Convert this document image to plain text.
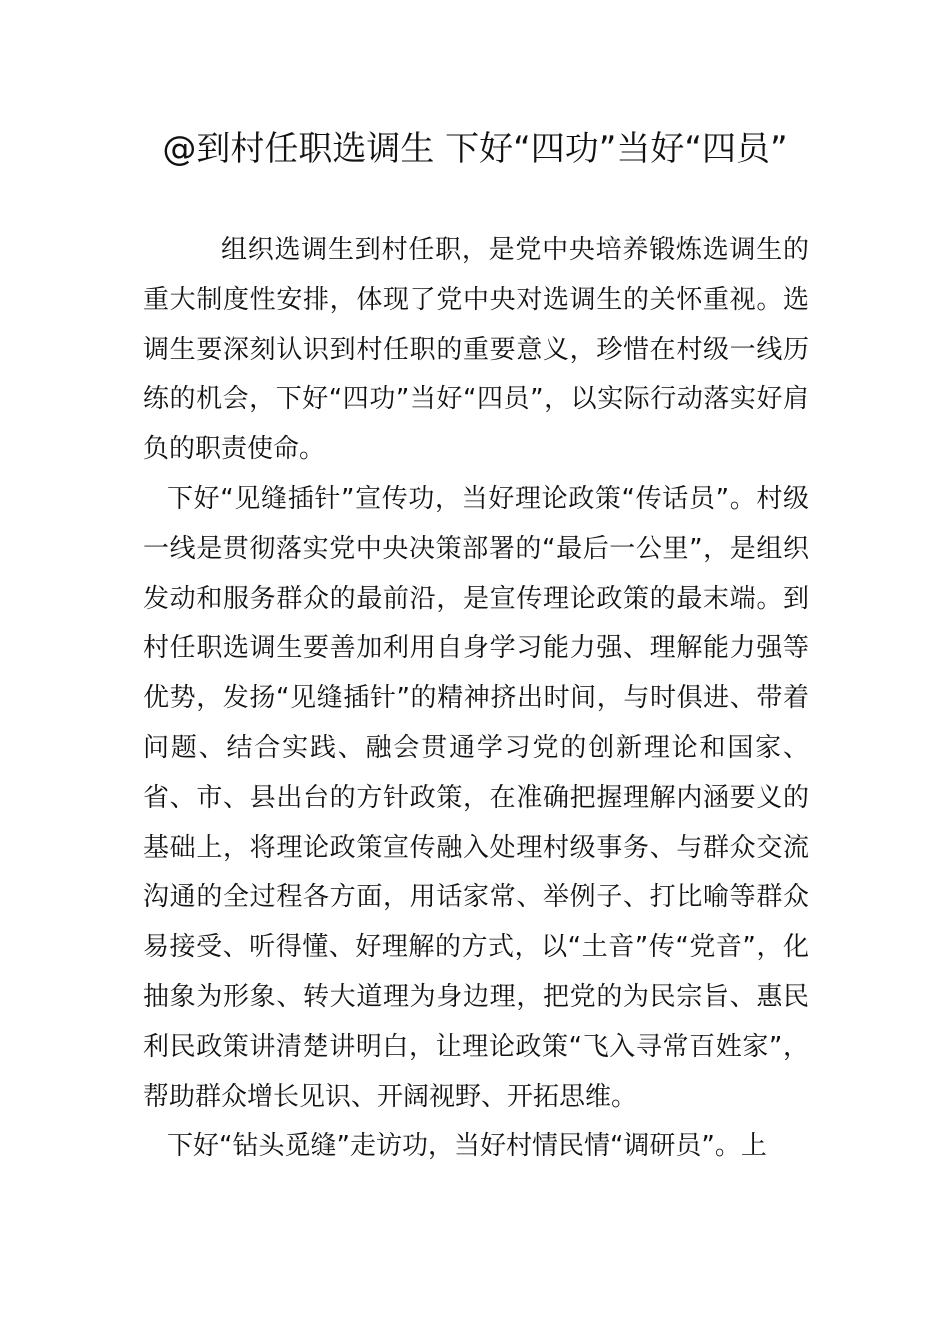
@到村任职选调生 下好“四功”当好“四员”

组织选调生到村任职，是党中央培养锻炼选调生的重大制度性安排，体现了党中央对选调生的关怀重视。选调生要深刻认识到村任职的重要意义，珍惜在村级一线历练的机会，下好“四功”当好“四员”，以实际行动落实好肩负的职责使命。

下好“见缝插针”宣传功，当好理论政策“传话员”。村级一线是贯彻落实党中央决策部署的“最后一公里”，是组织发动和服务群众的最前沿，是宣传理论政策的最末端。到村任职选调生要善加利用自身学习能力强、理解能力强等优势，发扬“见缝插针”的精神挤出时间，与时俱进、带着问题、结合实践、融会贯通学习党的创新理论和国家、省、市、县出台的方针政策，在准确把握理解内涵要义的基础上，将理论政策宣传融入处理村级事务、与群众交流沟通的全过程各方面，用话家常、举例子、打比喻等群众易接受、听得懂、好理解的方式，以“土音”传“党音”，化抽象为形象、转大道理为身边理，把党的为民宗旨、惠民利民政策讲清楚讲明白，让理论政策“飞入寻常百姓家”，帮助群众增长见识、开阔视野、开拓思维。

下好“钻头觅缝”走访功，当好村情民情“调研员”。上
